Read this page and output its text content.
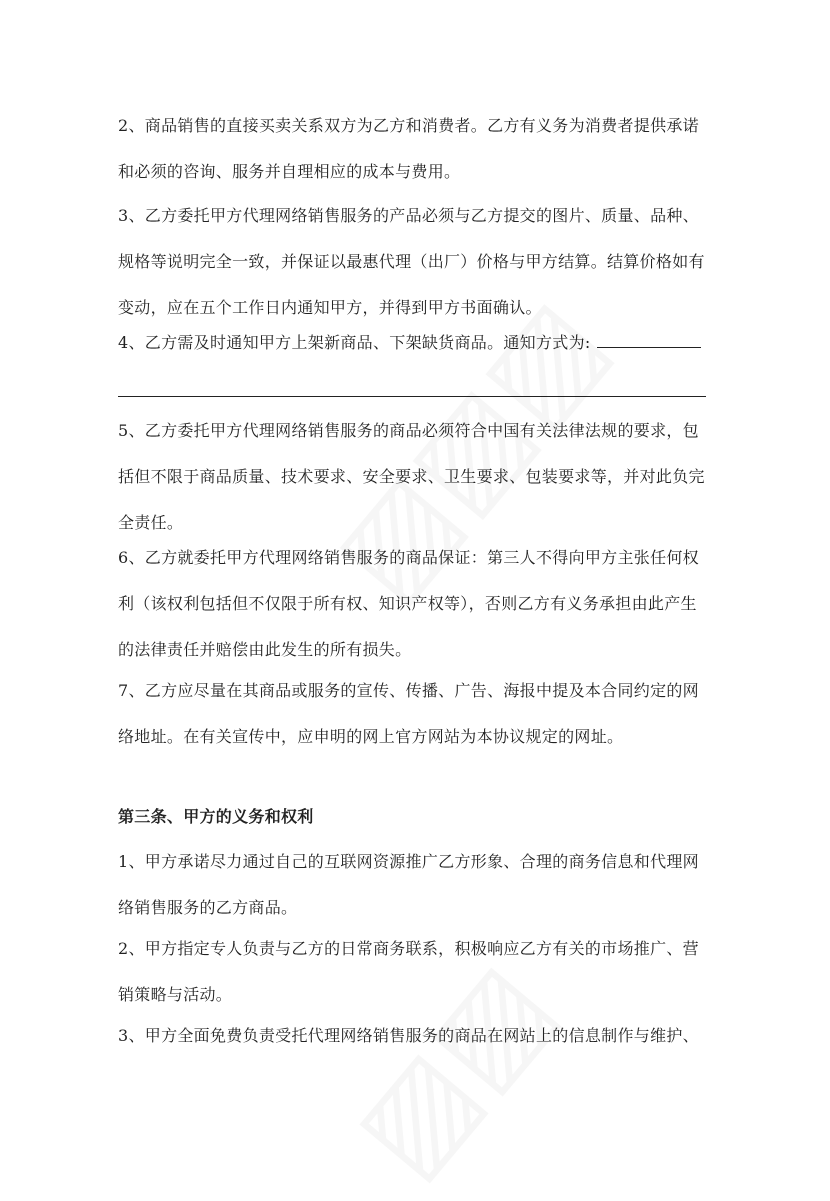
2、商品销售的直接买卖关系双方为乙方和消费者。乙方有义务为消费者提供承诺
和必须的咨询、服务并自理相应的成本与费用。
3、乙方委托甲方代理网络销售服务的产品必须与乙方提交的图片、质量、品种、
规格等说明完全一致，并保证以最惠代理（出厂）价格与甲方结算。结算价格如有
变动，应在五个工作日内通知甲方，并得到甲方书面确认。
4、乙方需及时通知甲方上架新商品、下架缺货商品。通知方式为:
5、乙方委托甲方代理网络销售服务的商品必须符合中国有关法律法规的要求，包
括但不限于商品质量、技术要求、安全要求、卫生要求、包装要求等，并对此负完
全责任。
6、乙方就委托甲方代理网络销售服务的商品保证：第三人不得向甲方主张任何权
利（该权利包括但不仅限于所有权、知识产权等），否则乙方有义务承担由此产生
的法律责任并赔偿由此发生的所有损失。
7、乙方应尽量在其商品或服务的宣传、传播、广告、海报中提及本合同约定的网
络地址。在有关宣传中，应申明的网上官方网站为本协议规定的网址。
第三条、甲方的义务和权利
1、甲方承诺尽力通过自己的互联网资源推广乙方形象、合理的商务信息和代理网
络销售服务的乙方商品。
2、甲方指定专人负责与乙方的日常商务联系，积极响应乙方有关的市场推广、营
销策略与活动。
3、甲方全面免费负责受托代理网络销售服务的商品在网站上的信息制作与维护、
